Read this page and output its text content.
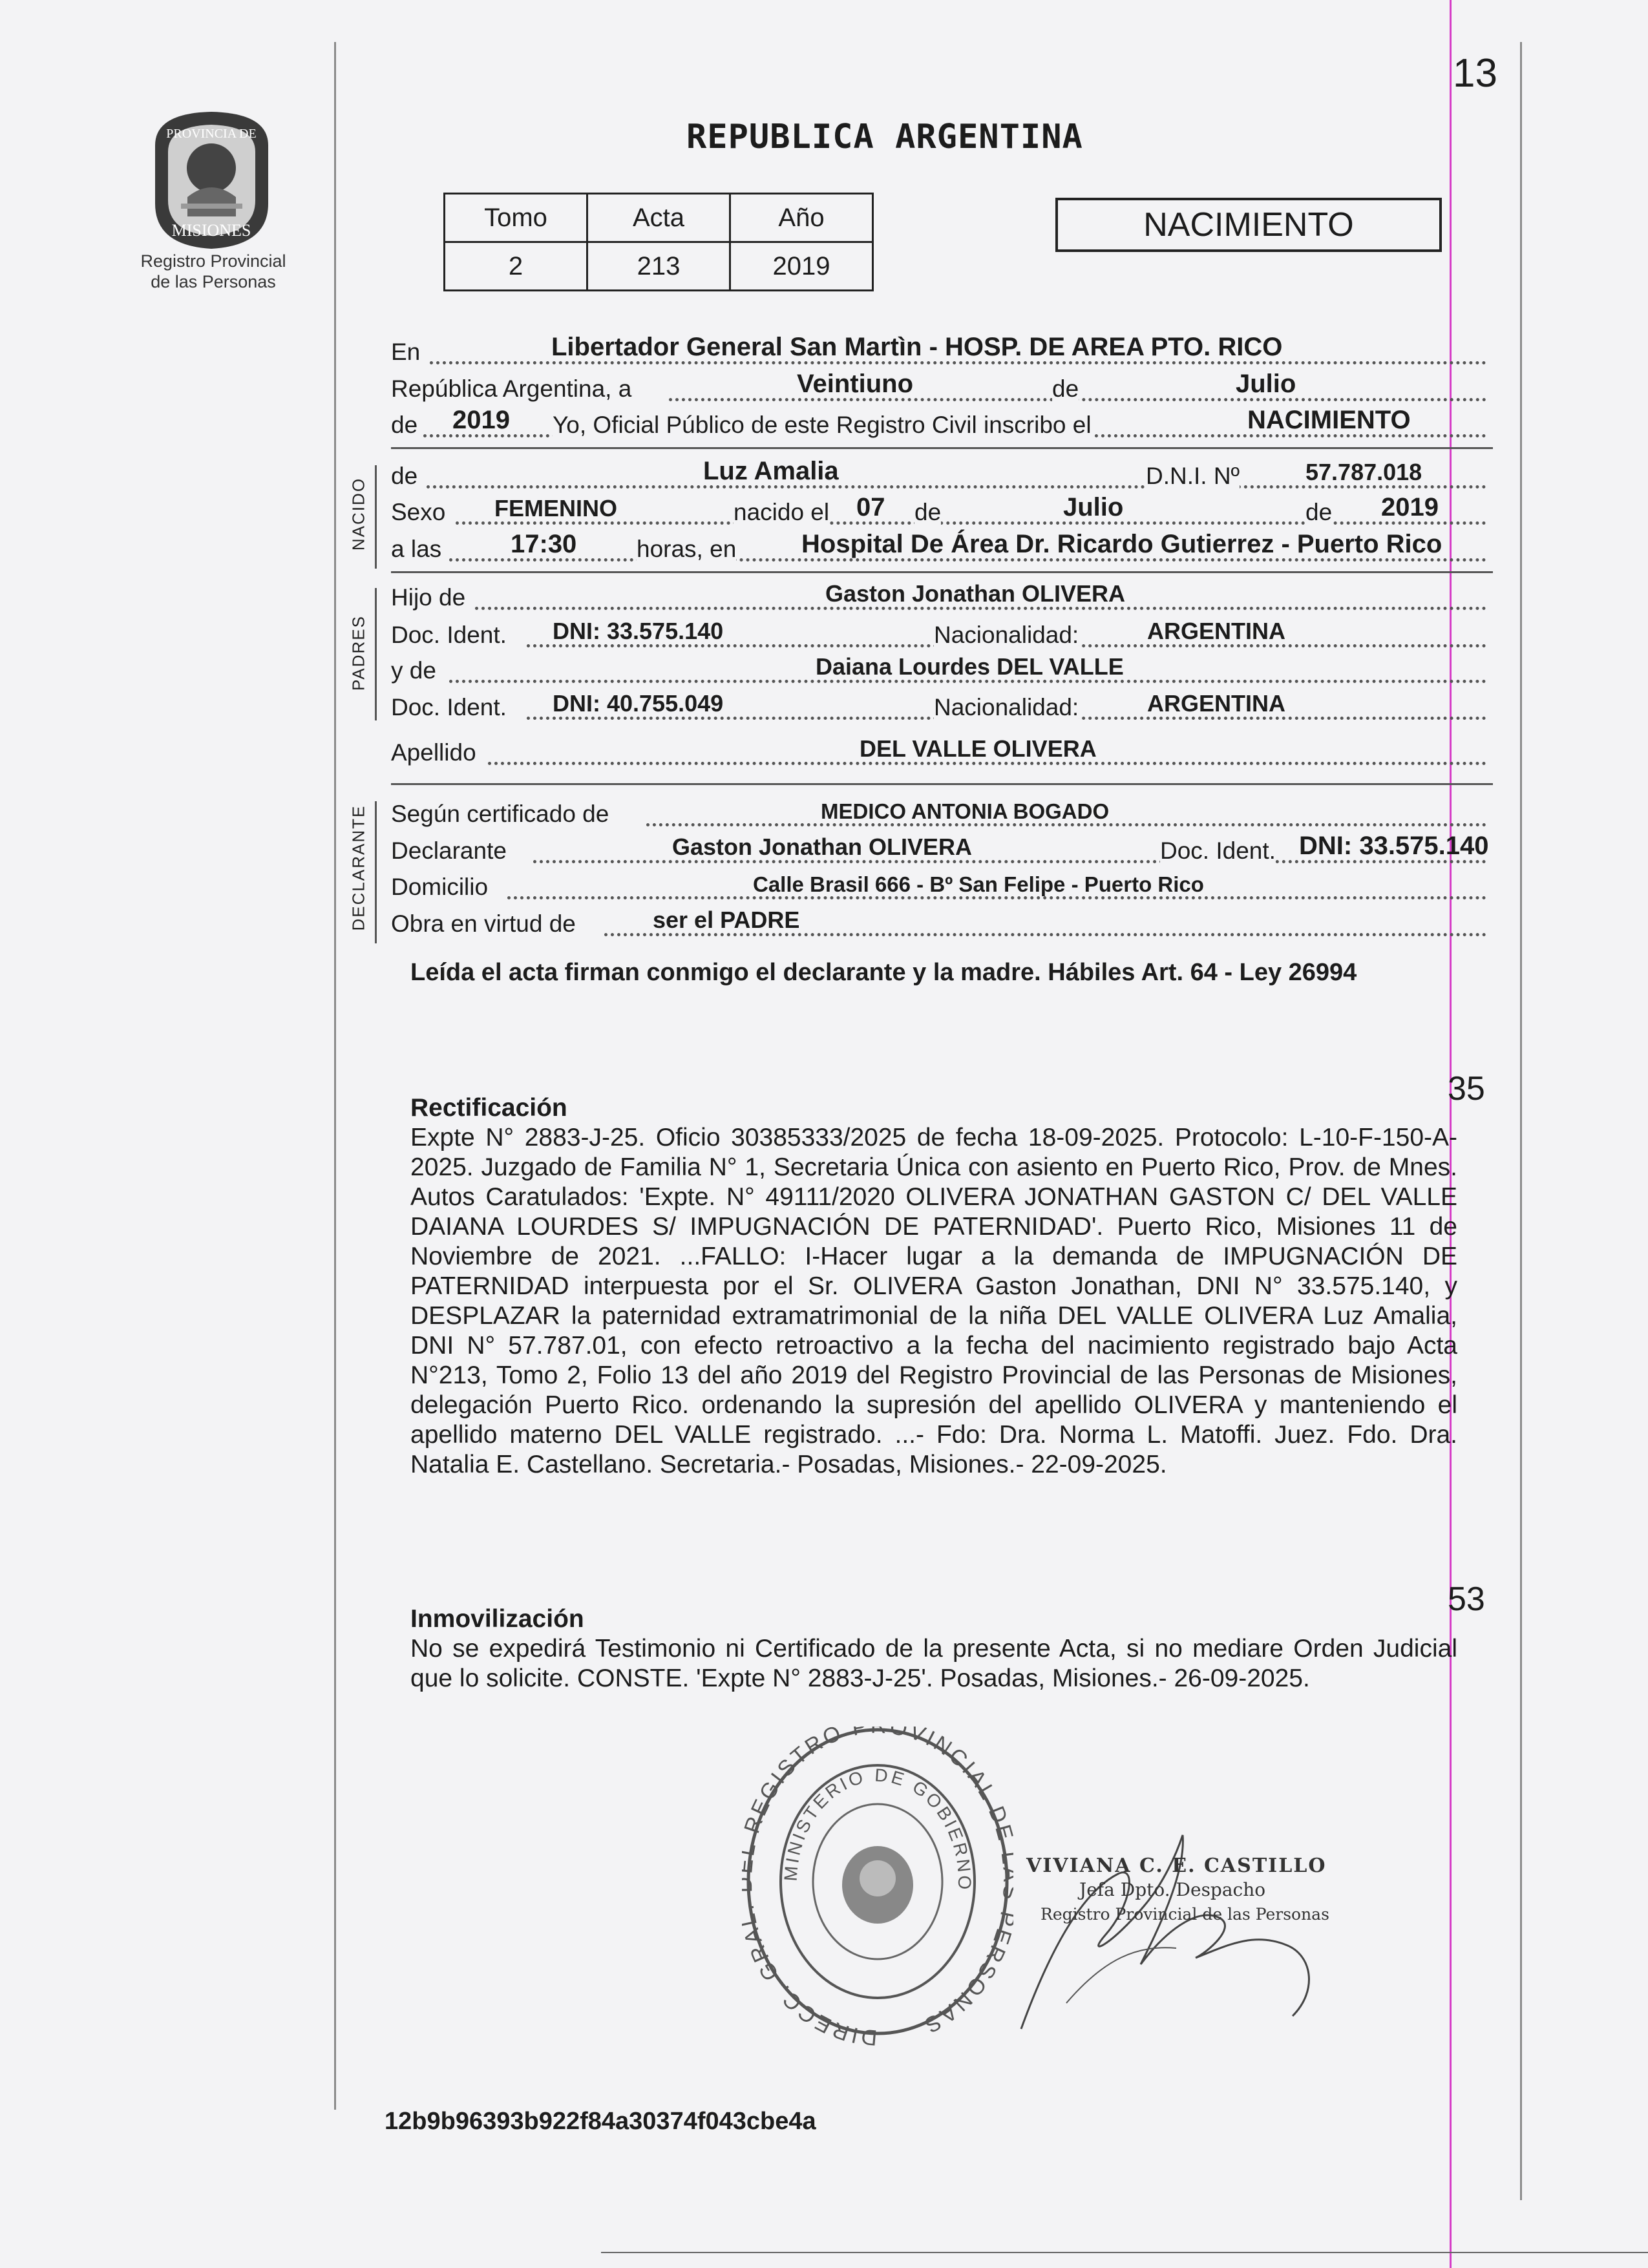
PROVINCIA DE
MISIONES
Registro Provincial
de las Personas
13
REPUBLICA ARGENTINA
Tomo	Acta	Año
2	213	2019
NACIMIENTO
En	Libertador General San Martìn - HOSP. DE AREA PTO. RICO
República Argentina, a	Veintiuno	de	Julio
de 2019 Yo, Oficial Público de este Registro Civil inscribo el	NACIMIENTO
NACIDO
de	Luz Amalia	D.N.I. Nº	57.787.018
Sexo FEMENINO	nacido el 07 de	Julio	de 2019
a las	17:30	horas, en	Hospital De Área Dr. Ricardo Gutierrez - Puerto Rico
PADRES
Hijo de	Gaston Jonathan OLIVERA
Doc. Ident. DNI: 33.575.140	Nacionalidad:	ARGENTINA
y de	Daiana Lourdes DEL VALLE
Doc. Ident. DNI: 40.755.049	Nacionalidad:	ARGENTINA
Apellido	DEL VALLE OLIVERA
DECLARANTE Según certificado de	MEDICO ANTONIA BOGADO
Declarante	Gaston Jonathan OLIVERA	Doc. Ident. DNI: 33.575.140
Domicilio	Calle Brasil 666 - Bº San Felipe - Puerto Rico
Obra en virtud de	ser el PADRE
Leída el acta firman conmigo el declarante y la madre. Hábiles Art. 64 - Ley 26994
35
Rectificación
Expte N° 2883-J-25. Oficio 30385333/2025 de fecha 18-09-2025. Protocolo: L-10-F-150-A-2025. Juzgado de Familia N° 1, Secretaria Única con asiento en Puerto Rico, Prov. de Mnes. Autos Caratulados: 'Expte. N° 49111/2020 OLIVERA JONATHAN GASTON C/ DEL VALLE DAIANA LOURDES S/ IMPUGNACIÓN DE PATERNIDAD'. Puerto Rico, Misiones 11 de Noviembre de 2021. ...FALLO: I-Hacer lugar a la demanda de IMPUGNACIÓN DE PATERNIDAD interpuesta por el Sr. OLIVERA Gaston Jonathan, DNI N° 33.575.140, y DESPLAZAR la paternidad extramatrimonial de la niña DEL VALLE OLIVERA Luz Amalia, DNI N° 57.787.01, con efecto retroactivo a la fecha del nacimiento registrado bajo Acta N°213, Tomo 2, Folio 13 del año 2019 del Registro Provincial de las Personas de Misiones, delegación Puerto Rico. ordenando la supresión del apellido OLIVERA y manteniendo el apellido materno DEL VALLE registrado. ...- Fdo: Dra. Norma L. Matoffi. Juez. Fdo. Dra. Natalia E. Castellano. Secretaria.- Posadas, Misiones.- 22-09-2025.
53
Inmovilización
No se expedirá Testimonio ni Certificado de la presente Acta, si no mediare Orden Judicial que lo solicite. CONSTE. 'Expte N° 2883-J-25'. Posadas, Misiones.- 26-09-2025.
DIRECC. GR REGISTRO P OVINCIAL D RSONAS
MINISTERIO DE GOBIERNO
VIVIANA C. E. CASTILLO
Jefa Dpto. Despacho
Registro Provincial de las Personas
12b9b96393b922f84a30374f043cbe4a
